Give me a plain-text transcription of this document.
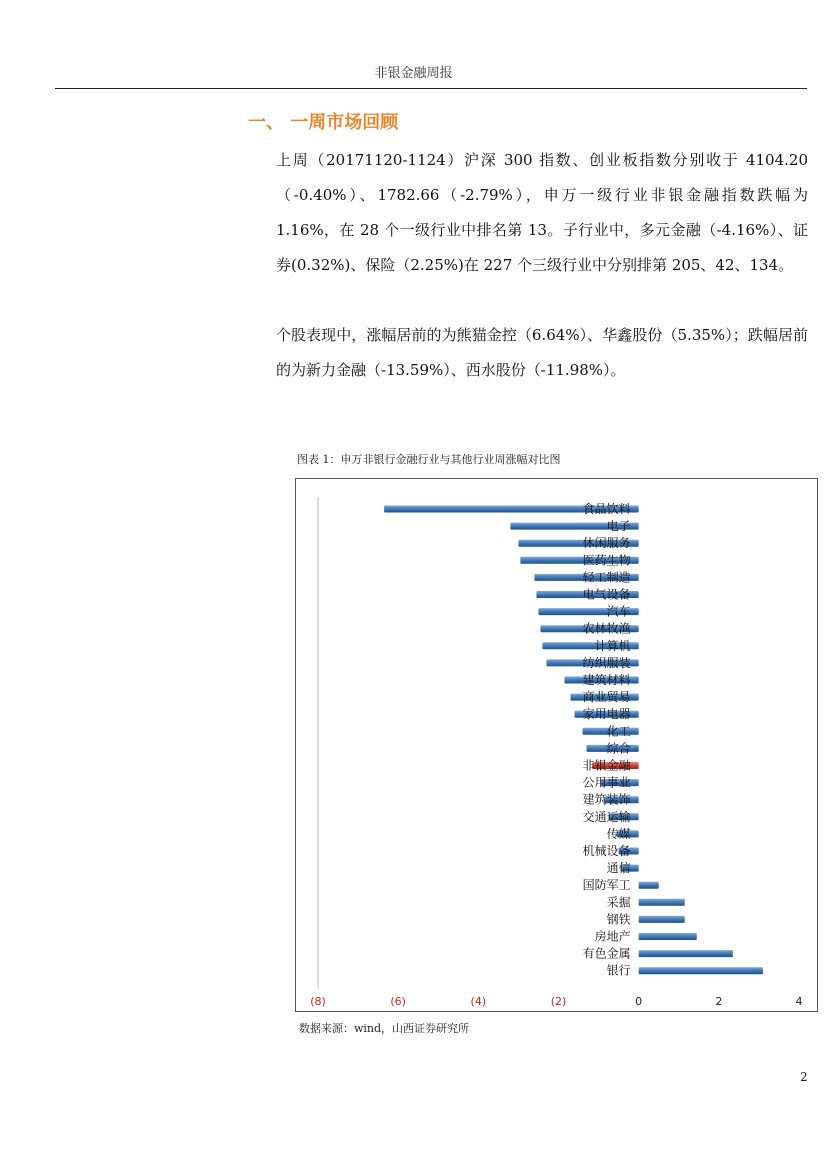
非银金融周报
一、 一周市场回顾

上周（20171120-1124）沪深 300 指数、创业板指数分别收于 4104.20（-0.40%）、1782.66（-2.79%），申万一级行业非银金融指数跌幅为 1.16%，在 28 个一级行业中排名第 13。子行业中，多元金融（-4.16%）、证券(0.32%)、保险（2.25%)在 227 个三级行业中分别排第 205、42、134。

个股表现中，涨幅居前的为熊猫金控（6.64%）、华鑫股份（5.35%）；跌幅居前的为新力金融（-13.59%）、西水股份（-11.98%）。

图表 1：申万非银行金融行业与其他行业周涨幅对比图
食品饮料
电子
休闲服务
医药生物
轻工制造
电气设备
汽车
农林牧渔
计算机
纺织服装
建筑材料
商业贸易
家用电器
化工
综合
非银金融
公用事业
建筑装饰
交通运输
传媒
机械设备
通信
国防军工
采掘
钢铁
房地产
有色金属
银行
(8)	(6)	(4)	(2)	0	2	4
数据来源：wind，山西证券研究所
2
